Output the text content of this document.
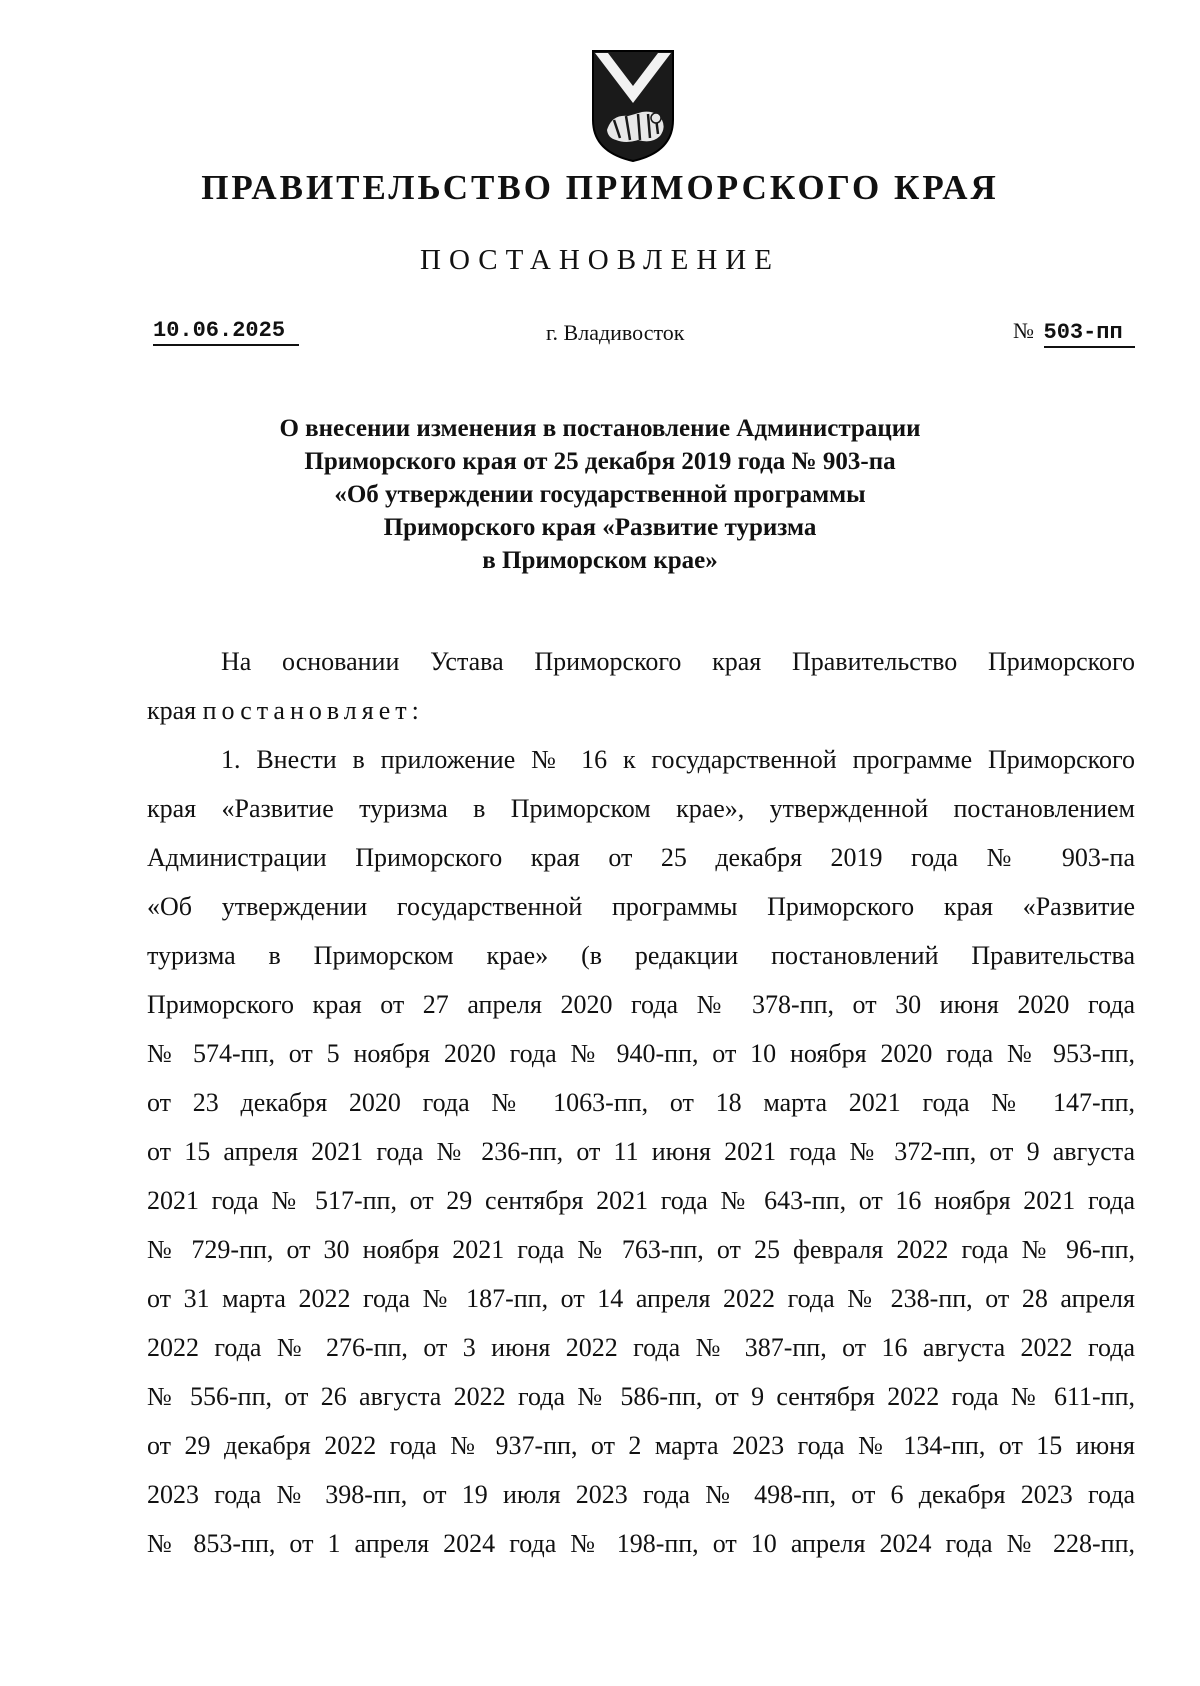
ПРАВИТЕЛЬСТВО ПРИМОРСКОГО КРАЯ
ПОСТАНОВЛЕНИЕ
10.06.2025	г. Владивосток	№ 503-пп
О внесении изменения в постановление Администрации
Приморского края от 25 декабря 2019 года № 903-па
«Об утверждении государственной программы
Приморского края «Развитие туризма
в Приморском крае»
На основании Устава Приморского края Правительство Приморского
края постановляет:
1. Внести в приложение № 16 к государственной программе Приморского
края «Развитие туризма в Приморском крае», утвержденной постановлением
Администрации Приморского края от 25 декабря 2019 года № 903-па
«Об утверждении государственной программы Приморского края «Развитие
туризма в Приморском крае» (в редакции постановлений Правительства
Приморского края от 27 апреля 2020 года № 378-пп, от 30 июня 2020 года
№ 574-пп, от 5 ноября 2020 года № 940-пп, от 10 ноября 2020 года № 953-пп,
от 23 декабря 2020 года № 1063-пп, от 18 марта 2021 года № 147-пп,
от 15 апреля 2021 года № 236-пп, от 11 июня 2021 года № 372-пп, от 9 августа
2021 года № 517-пп, от 29 сентября 2021 года № 643-пп, от 16 ноября 2021 года
№ 729-пп, от 30 ноября 2021 года № 763-пп, от 25 февраля 2022 года № 96-пп,
от 31 марта 2022 года № 187-пп, от 14 апреля 2022 года № 238-пп, от 28 апреля
2022 года № 276-пп, от 3 июня 2022 года № 387-пп, от 16 августа 2022 года
№ 556-пп, от 26 августа 2022 года № 586-пп, от 9 сентября 2022 года № 611-пп,
от 29 декабря 2022 года № 937-пп, от 2 марта 2023 года № 134-пп, от 15 июня
2023 года № 398-пп, от 19 июля 2023 года № 498-пп, от 6 декабря 2023 года
№ 853-пп, от 1 апреля 2024 года № 198-пп, от 10 апреля 2024 года № 228-пп,
